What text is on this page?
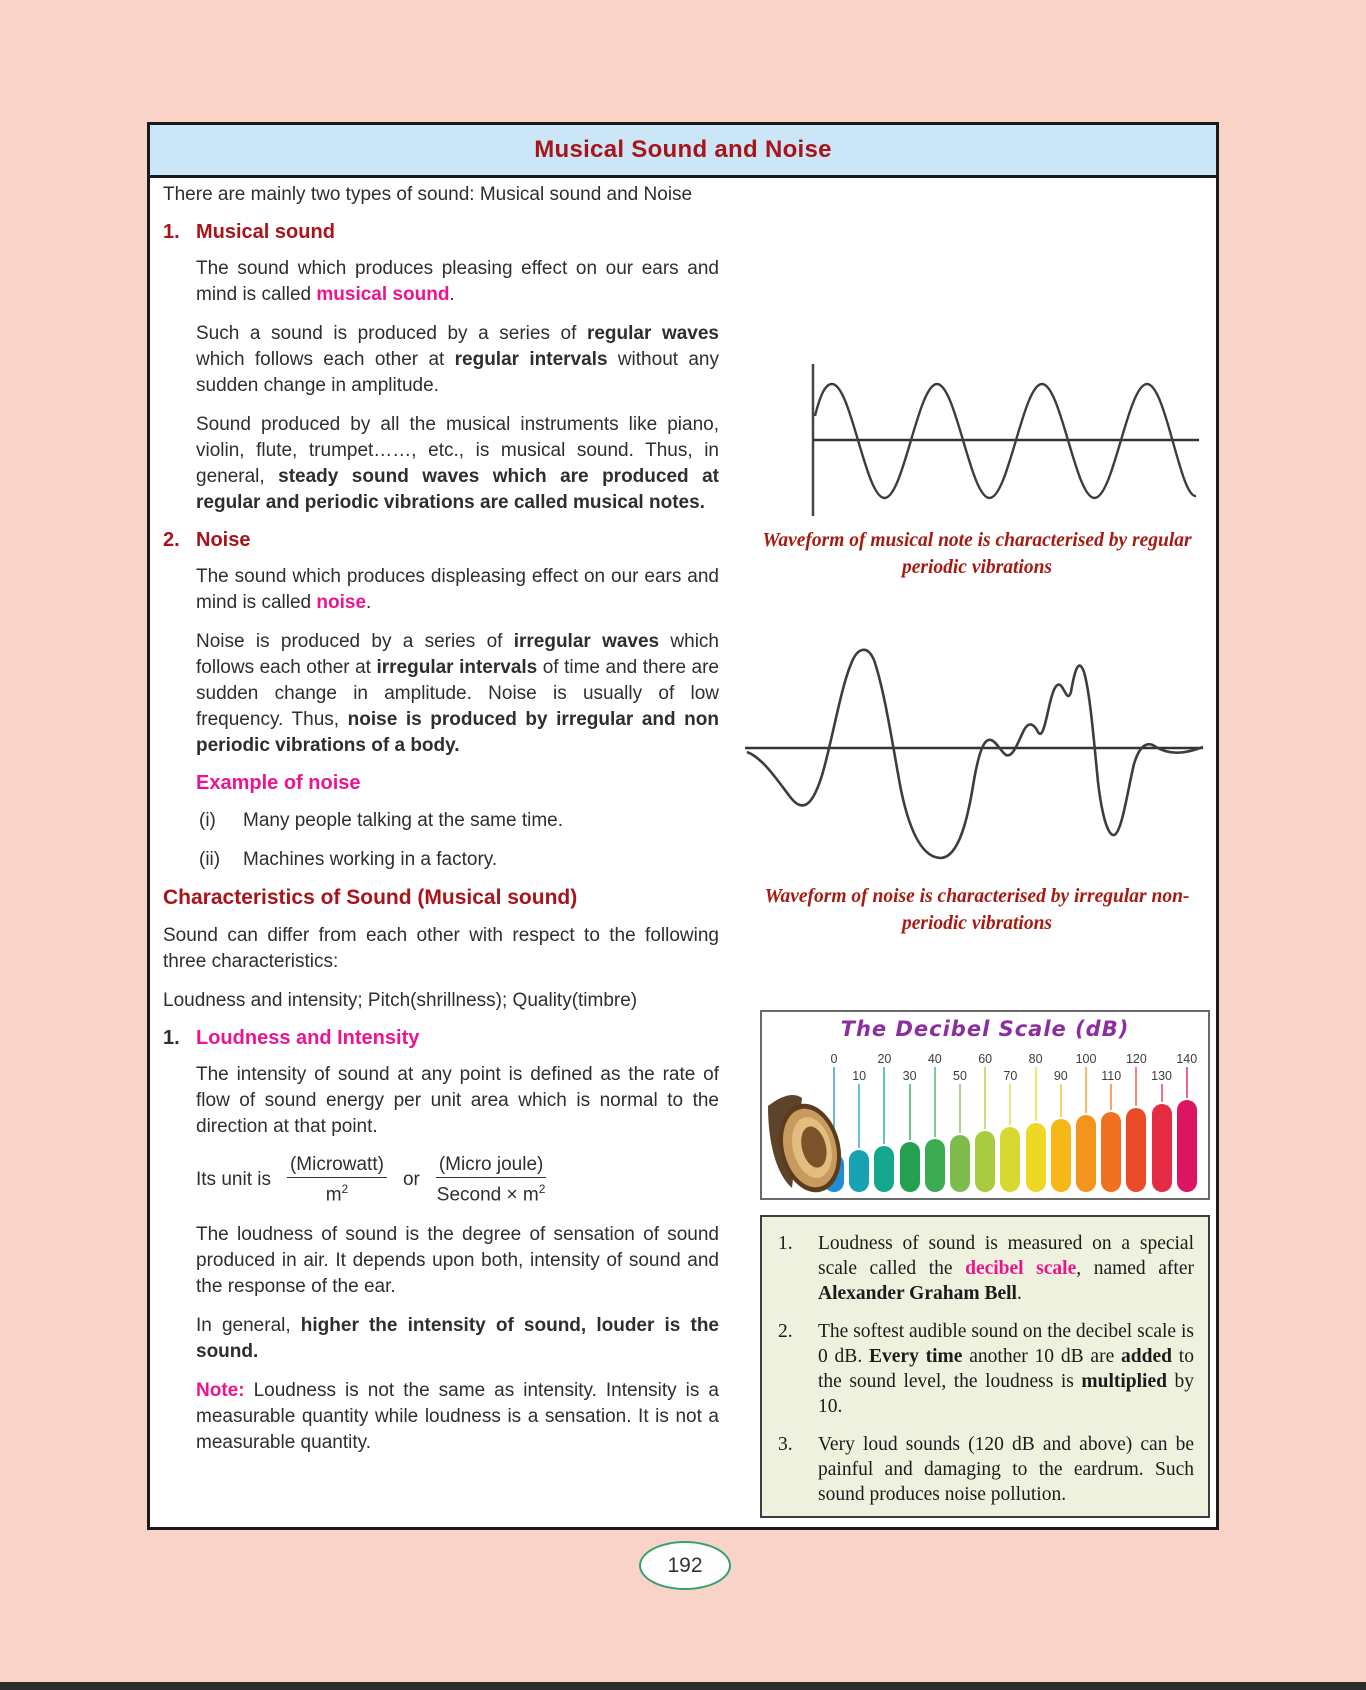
Musical Sound and Noise
There are mainly two types of sound: Musical sound and Noise
1. Musical sound
The sound which produces pleasing effect on our ears and mind is called musical sound.
Such a sound is produced by a series of regular waves which follows each other at regular intervals without any sudden change in amplitude.
Sound produced by all the musical instruments like piano, violin, flute, trumpet……, etc., is musical sound. Thus, in general, steady sound waves which are produced at regular and periodic vibrations are called musical notes.
2. Noise
The sound which produces displeasing effect on our ears and mind is called noise.
Noise is produced by a series of irregular waves which follows each other at irregular intervals of time and there are sudden change in amplitude. Noise is usually of low frequency. Thus, noise is produced by irregular and non periodic vibrations of a body.
Example of noise
(i) Many people talking at the same time.
(ii) Machines working in a factory.
Characteristics of Sound (Musical sound)
Sound can differ from each other with respect to the following three characteristics:
Loudness and intensity; Pitch(shrillness); Quality(timbre)
1. Loudness and Intensity
The intensity of sound at any point is defined as the rate of flow of sound energy per unit area which is normal to the direction at that point.
Its unit is $\frac{\text{(Microwatt)}}{m^2}$ or $\frac{\text{(Micro joule)}}{Second \times m^2}$
The loudness of sound is the degree of sensation of sound produced in air. It depends upon both, intensity of sound and the response of the ear.
In general, higher the intensity of sound, louder is the sound.
Note: Loudness is not the same as intensity. Intensity is a measurable quantity while loudness is a sensation. It is not a measurable quantity.
Waveform of musical note is characterised by regular periodic vibrations
Waveform of noise is characterised by irregular non-periodic vibrations
The Decibel Scale (dB)
0
10
20
30
40
50
60
70
80
90
100
110
120
130
140
1. Loudness of sound is measured on a special scale called the decibel scale, named after Alexander Graham Bell.
2. The softest audible sound on the decibel scale is 0 dB. Every time another 10 dB are added to the sound level, the loudness is multiplied by 10.
3. Very loud sounds (120 dB and above) can be painful and damaging to the eardrum. Such sound produces noise pollution.
192
